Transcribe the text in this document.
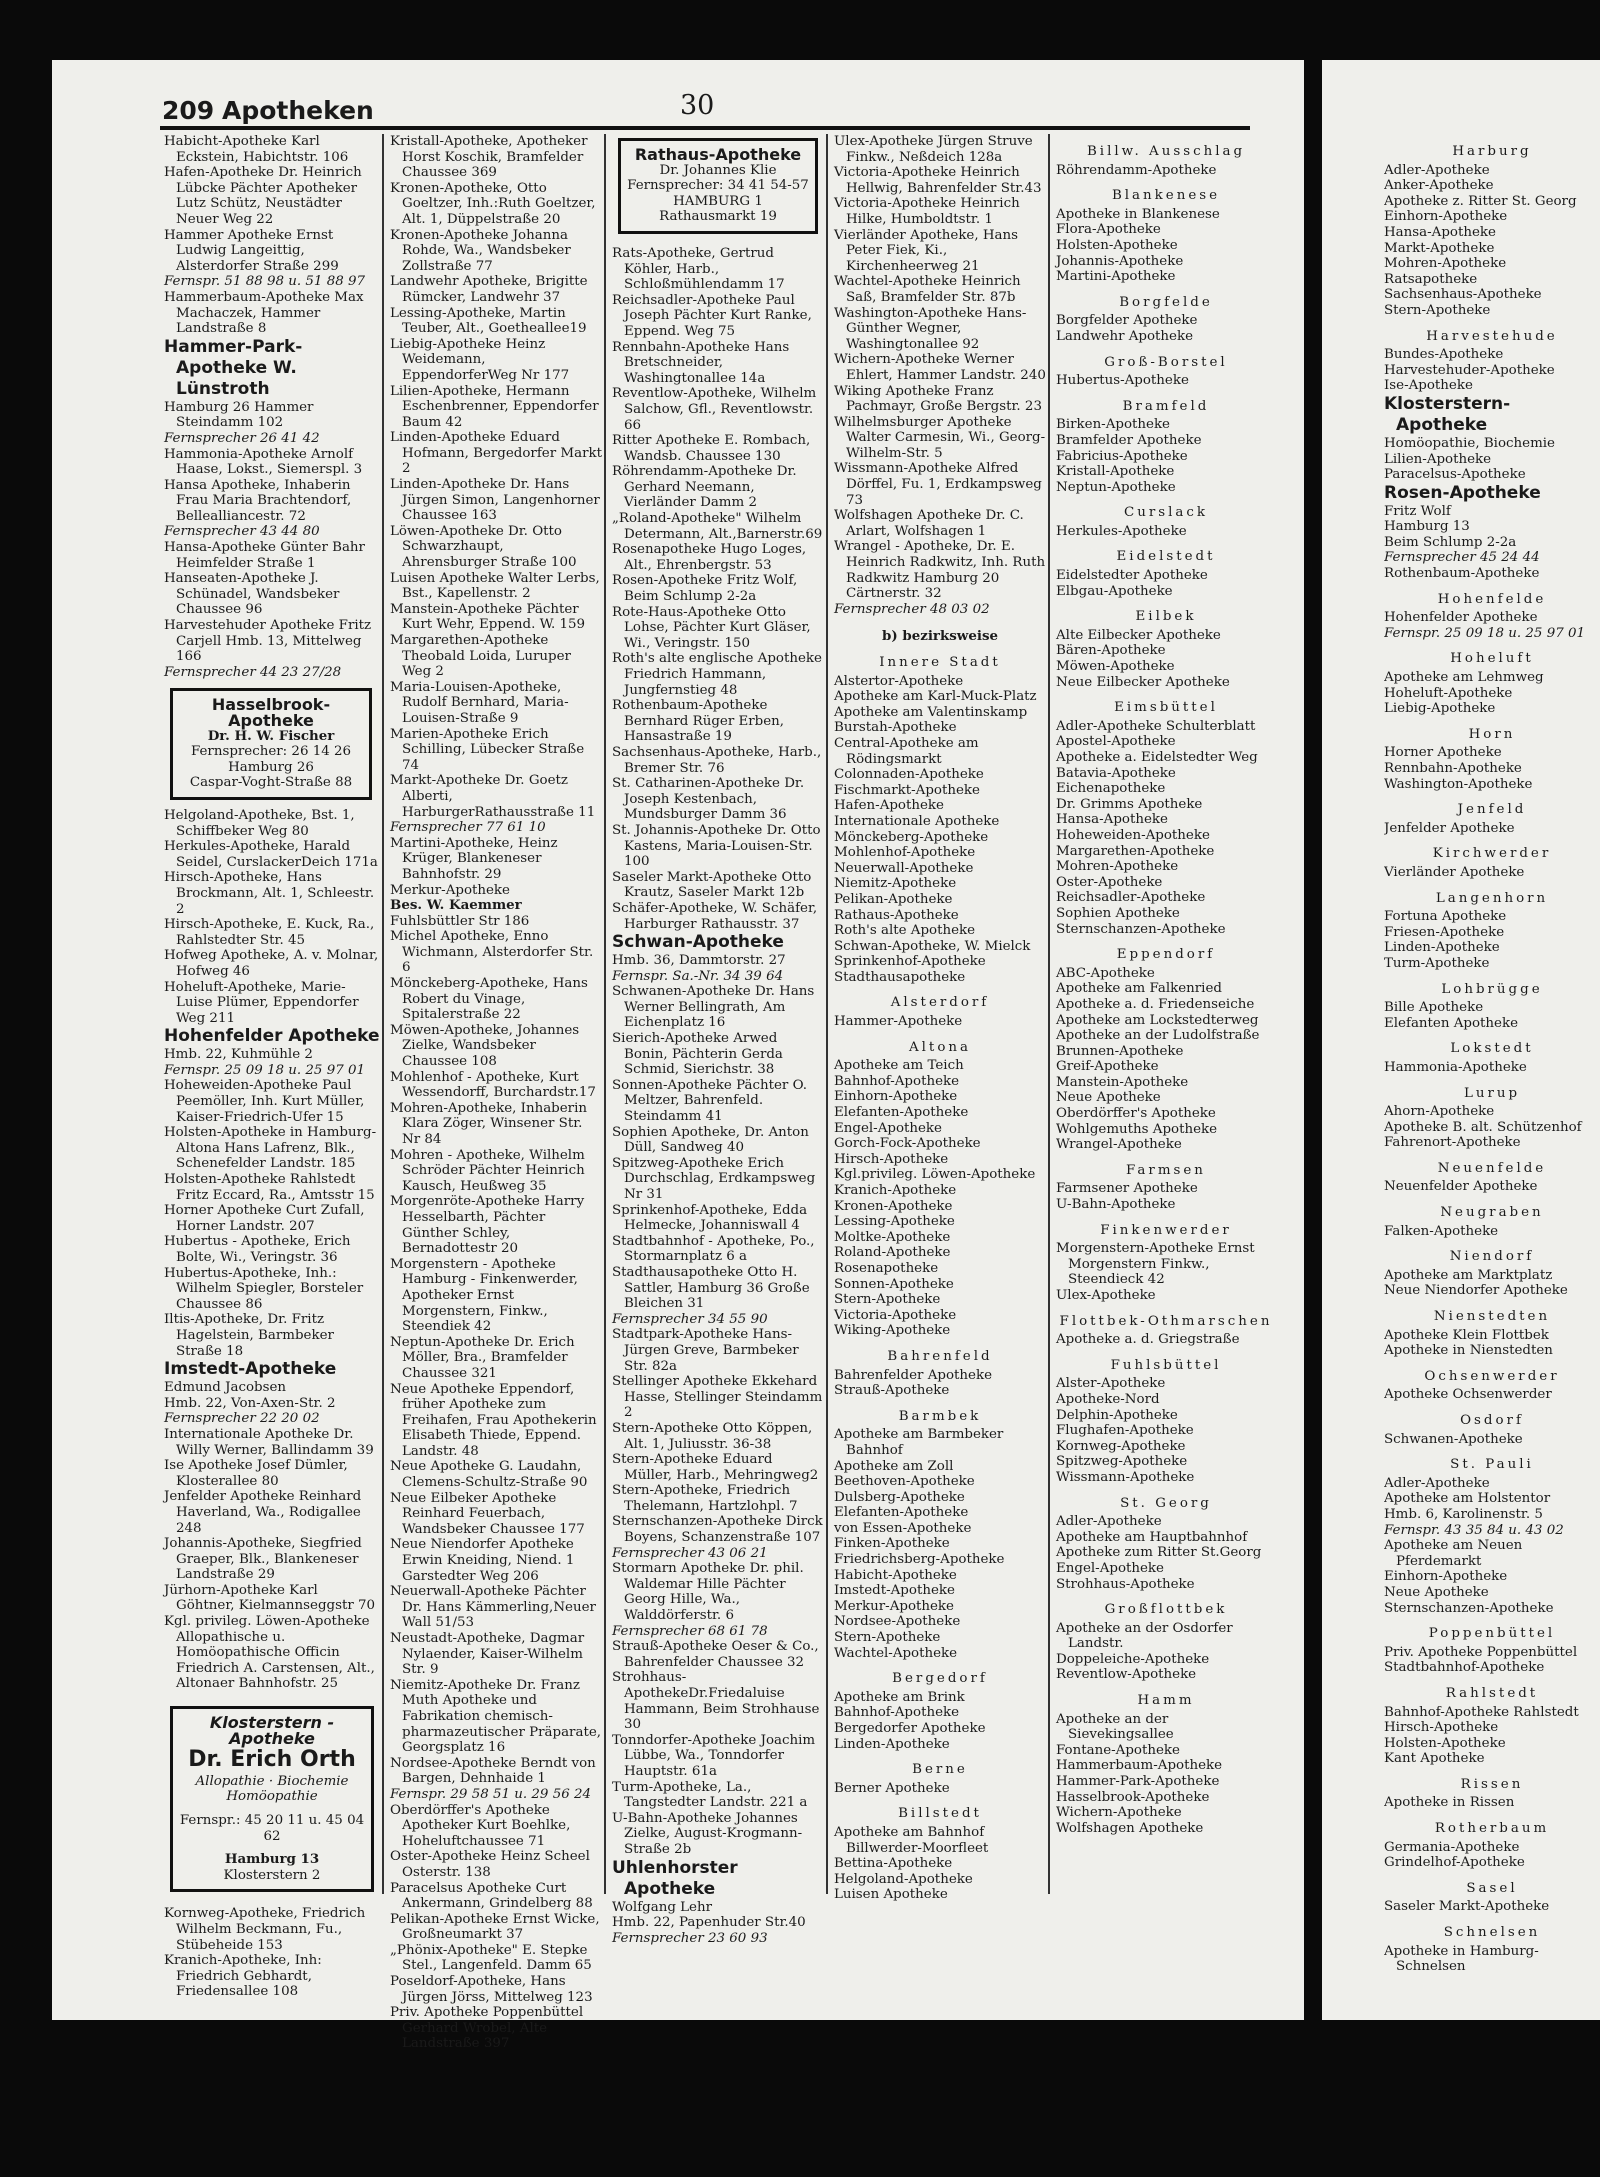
209 Apotheken	30

Habicht-Apotheke Karl Eckstein, Habichtstr. 106

Hafen-Apotheke Dr. Heinrich Lübcke Pächter Apotheker Lutz Schütz, Neustädter Neuer Weg 22

Hammer Apotheke Ernst Ludwig Langeittig, Alsterdorfer Straße 299

Fernspr. 51 88 98 u. 51 88 97

Hammerbaum-Apotheke Max Machaczek, Hammer Landstraße 8

Hammer-Park-Apotheke W. Lünstroth

Hamburg 26 Hammer Steindamm 102

Fernsprecher 26 41 42

Hammonia-Apotheke Arnolf Haase, Lokst., Siemerspl. 3

Hansa Apotheke, Inhaberin Frau Maria Brachtendorf, Bellealliancestr. 72

Fernsprecher 43 44 80

Hansa-Apotheke Günter Bahr Heimfelder Straße 1

Hanseaten-Apotheke J. Schünadel, Wandsbeker Chaussee 96

Harvestehuder Apotheke Fritz Carjell Hmb. 13, Mittelweg 166

Fernsprecher 44 23 27/28

Hasselbrook-Apotheke
Dr. H. W. Fischer
Fernsprecher: 26 14 26
Hamburg 26
Caspar-Voght-Straße 88

Helgoland-Apotheke, Bst. 1, Schiffbeker Weg 80

Herkules-Apotheke, Harald Seidel, CurslackerDeich 171a

Hirsch-Apotheke, Hans Brockmann, Alt. 1, Schleestr. 2

Hirsch-Apotheke, E. Kuck, Ra., Rahlstedter Str. 45

Hofweg Apotheke, A. v. Molnar, Hofweg 46

Hoheluft-Apotheke, Marie-Luise Plümer, Eppendorfer Weg 211

Hohenfelder Apotheke

Hmb. 22, Kuhmühle 2

Fernspr. 25 09 18 u. 25 97 01

Hoheweiden-Apotheke Paul Peemöller, Inh. Kurt Müller, Kaiser-Friedrich-Ufer 15

Holsten-Apotheke in Hamburg-Altona Hans Lafrenz, Blk., Schenefelder Landstr. 185

Holsten-Apotheke Rahlstedt Fritz Eccard, Ra., Amtsstr 15

Horner Apotheke Curt Zufall, Horner Landstr. 207

Hubertus - Apotheke, Erich Bolte, Wi., Veringstr. 36

Hubertus-Apotheke, Inh.: Wilhelm Spiegler, Borsteler Chaussee 86

Iltis-Apotheke, Dr. Fritz Hagelstein, Barmbeker Straße 18

Imstedt-Apotheke

Edmund Jacobsen

Hmb. 22, Von-Axen-Str. 2

Fernsprecher 22 20 02

Internationale Apotheke Dr. Willy Werner, Ballindamm 39

Ise Apotheke Josef Dümler, Klosterallee 80

Jenfelder Apotheke Reinhard Haverland, Wa., Rodigallee 248

Johannis-Apotheke, Siegfried Graeper, Blk., Blankeneser Landstraße 29

Jürhorn-Apotheke Karl Göhtner, Kielmannseggstr 70

Kgl. privileg. Löwen-Apotheke Allopathische u. Homöopathische Officin Friedrich A. Carstensen, Alt., Altonaer Bahnhofstr. 25

Klosterstern - Apotheke
Dr. Erich Orth
Allopathie · Biochemie
Homöopathie
Fernspr.: 45 20 11 u. 45 04 62
Hamburg 13
Klosterstern 2

Kornweg-Apotheke, Friedrich Wilhelm Beckmann, Fu., Stübeheide 153

Kranich-Apotheke, Inh: Friedrich Gebhardt, Friedensallee 108

Kristall-Apotheke, Apotheker Horst Koschik, Bramfelder Chaussee 369

Kronen-Apotheke, Otto Goeltzer, Inh.:Ruth Goeltzer, Alt. 1, Düppelstraße 20

Kronen-Apotheke Johanna Rohde, Wa., Wandsbeker Zollstraße 77

Landwehr Apotheke, Brigitte Rümcker, Landwehr 37

Lessing-Apotheke, Martin Teuber, Alt., Goetheallee19

Liebig-Apotheke Heinz Weidemann, EppendorferWeg Nr 177

Lilien-Apotheke, Hermann Eschenbrenner, Eppendorfer Baum 42

Linden-Apotheke Eduard Hofmann, Bergedorfer Markt 2

Linden-Apotheke Dr. Hans Jürgen Simon, Langenhorner Chaussee 163

Löwen-Apotheke Dr. Otto Schwarzhaupt, Ahrensburger Straße 100

Luisen Apotheke Walter Lerbs, Bst., Kapellenstr. 2

Manstein-Apotheke Pächter Kurt Wehr, Eppend. W. 159

Margarethen-Apotheke Theobald Loida, Luruper Weg 2

Maria-Louisen-Apotheke, Rudolf Bernhard, Maria-Louisen-Straße 9

Marien-Apotheke Erich Schilling, Lübecker Straße 74

Markt-Apotheke Dr. Goetz Alberti, HarburgerRathausstraße 11

Fernsprecher 77 61 10

Martini-Apotheke, Heinz Krüger, Blankeneser Bahnhofstr. 29

Merkur-Apotheke

Bes. W. Kaemmer

Fuhlsbüttler Str 186

Michel Apotheke, Enno Wichmann, Alsterdorfer Str. 6

Mönckeberg-Apotheke, Hans Robert du Vinage, Spitalerstraße 22

Möwen-Apotheke, Johannes Zielke, Wandsbeker Chaussee 108

Mohlenhof - Apotheke, Kurt Wessendorff, Burchardstr.17

Mohren-Apotheke, Inhaberin Klara Zöger, Winsener Str. Nr 84

Mohren - Apotheke, Wilhelm Schröder Pächter Heinrich Kausch, Heußweg 35

Morgenröte-Apotheke Harry Hesselbarth, Pächter Günther Schley, Bernadottestr 20

Morgenstern - Apotheke Hamburg - Finkenwerder, Apotheker Ernst Morgenstern, Finkw., Steendiek 42

Neptun-Apotheke Dr. Erich Möller, Bra., Bramfelder Chaussee 321

Neue Apotheke Eppendorf, früher Apotheke zum Freihafen, Frau Apothekerin Elisabeth Thiede, Eppend. Landstr. 48

Neue Apotheke G. Laudahn, Clemens-Schultz-Straße 90

Neue Eilbeker Apotheke Reinhard Feuerbach, Wandsbeker Chaussee 177

Neue Niendorfer Apotheke Erwin Kneiding, Niend. 1 Garstedter Weg 206

Neuerwall-Apotheke Pächter Dr. Hans Kämmerling,Neuer Wall 51/53

Neustadt-Apotheke, Dagmar Nylaender, Kaiser-Wilhelm Str. 9

Niemitz-Apotheke Dr. Franz Muth Apotheke und Fabrikation chemisch-pharmazeutischer Präparate, Georgsplatz 16

Nordsee-Apotheke Berndt von Bargen, Dehnhaide 1

Fernspr. 29 58 51 u. 29 56 24

Oberdörffer's Apotheke Apotheker Kurt Boehlke, Hoheluftchaussee 71

Oster-Apotheke Heinz Scheel Osterstr. 138

Paracelsus Apotheke Curt Ankermann, Grindelberg 88

Pelikan-Apotheke Ernst Wicke, Großneumarkt 37

„Phönix-Apotheke" E. Stepke Stel., Langenfeld. Damm 65

Poseldorf-Apotheke, Hans Jürgen Jörss, Mittelweg 123

Priv. Apotheke Poppenbüttel Gerhard Wrobel, Alte Landstraße 397

Rathaus-Apotheke
Dr. Johannes Klie
Fernsprecher: 34 41 54-57
HAMBURG 1
Rathausmarkt 19

Rats-Apotheke, Gertrud Köhler, Harb., Schloßmühlendamm 17

Reichsadler-Apotheke Paul Joseph Pächter Kurt Ranke, Eppend. Weg 75

Rennbahn-Apotheke Hans Bretschneider, Washingtonallee 14a

Reventlow-Apotheke, Wilhelm Salchow, Gfl., Reventlowstr. 66

Ritter Apotheke E. Rombach, Wandsb. Chaussee 130

Röhrendamm-Apotheke Dr. Gerhard Neemann, Vierländer Damm 2

„Roland-Apotheke" Wilhelm Determann, Alt.,Barnerstr.69

Rosenapotheke Hugo Loges, Alt., Ehrenbergstr. 53

Rosen-Apotheke Fritz Wolf, Beim Schlump 2-2a

Rote-Haus-Apotheke Otto Lohse, Pächter Kurt Gläser, Wi., Veringstr. 150

Roth's alte englische Apotheke Friedrich Hammann, Jungfernstieg 48

Rothenbaum-Apotheke Bernhard Rüger Erben, Hansastraße 19

Sachsenhaus-Apotheke, Harb., Bremer Str. 76

St. Catharinen-Apotheke Dr. Joseph Kestenbach, Mundsburger Damm 36

St. Johannis-Apotheke Dr. Otto Kastens, Maria-Louisen-Str. 100

Saseler Markt-Apotheke Otto Krautz, Saseler Markt 12b

Schäfer-Apotheke, W. Schäfer, Harburger Rathausstr. 37

Schwan-Apotheke

Hmb. 36, Dammtorstr. 27

Fernspr. Sa.-Nr. 34 39 64

Schwanen-Apotheke Dr. Hans Werner Bellingrath, Am Eichenplatz 16

Sierich-Apotheke Arwed Bonin, Pächterin Gerda Schmid, Sierichstr. 38

Sonnen-Apotheke Pächter O. Meltzer, Bahrenfeld. Steindamm 41

Sophien Apotheke, Dr. Anton Düll, Sandweg 40

Spitzweg-Apotheke Erich Durchschlag, Erdkampsweg Nr 31

Sprinkenhof-Apotheke, Edda Helmecke, Johanniswall 4

Stadtbahnhof - Apotheke, Po., Stormarnplatz 6 a

Stadthausapotheke Otto H. Sattler, Hamburg 36 Große Bleichen 31

Fernsprecher 34 55 90

Stadtpark-Apotheke Hans-Jürgen Greve, Barmbeker Str. 82a

Stellinger Apotheke Ekkehard Hasse, Stellinger Steindamm 2

Stern-Apotheke Otto Köppen, Alt. 1, Juliusstr. 36-38

Stern-Apotheke Eduard Müller, Harb., Mehringweg2

Stern-Apotheke, Friedrich Thelemann, Hartzlohpl. 7

Sternschanzen-Apotheke Dirck Boyens, Schanzenstraße 107

Fernsprecher 43 06 21

Stormarn Apotheke Dr. phil. Waldemar Hille Pächter Georg Hille, Wa., Walddörferstr. 6

Fernsprecher 68 61 78

Strauß-Apotheke Oeser & Co., Bahrenfelder Chaussee 32

Strohhaus-ApothekeDr.Friedaluise Hammann, Beim Strohhause 30

Tonndorfer-Apotheke Joachim Lübbe, Wa., Tonndorfer Hauptstr. 61a

Turm-Apotheke, La., Tangstedter Landstr. 221 a

U-Bahn-Apotheke Johannes Zielke, August-Krogmann-Straße 2b

Uhlenhorster Apotheke

Wolfgang Lehr

Hmb. 22, Papenhuder Str.40

Fernsprecher 23 60 93

Ulex-Apotheke Jürgen Struve Finkw., Neßdeich 128a

Victoria-Apotheke Heinrich Hellwig, Bahrenfelder Str.43

Victoria-Apotheke Heinrich Hilke, Humboldtstr. 1

Vierländer Apotheke, Hans Peter Fiek, Ki., Kirchenheerweg 21

Wachtel-Apotheke Heinrich Saß, Bramfelder Str. 87b

Washington-Apotheke Hans-Günther Wegner, Washingtonallee 92

Wichern-Apotheke Werner Ehlert, Hammer Landstr. 240

Wiking Apotheke Franz Pachmayr, Große Bergstr. 23

Wilhelmsburger Apotheke Walter Carmesin, Wi., Georg-Wilhelm-Str. 5

Wissmann-Apotheke Alfred Dörffel, Fu. 1, Erdkampsweg 73

Wolfshagen Apotheke Dr. C. Arlart, Wolfshagen 1

Wrangel - Apotheke, Dr. E. Heinrich Radkwitz, Inh. Ruth Radkwitz Hamburg 20 Cärtnerstr. 32

Fernsprecher 48 03 02

b) bezirksweise
Innere Stadt

Alstertor-Apotheke

Apotheke am Karl-Muck-Platz

Apotheke am Valentinskamp

Burstah-Apotheke

Central-Apotheke am Rödingsmarkt

Colonnaden-Apotheke

Fischmarkt-Apotheke

Hafen-Apotheke

Internationale Apotheke

Mönckeberg-Apotheke

Mohlenhof-Apotheke

Neuerwall-Apotheke

Niemitz-Apotheke

Pelikan-Apotheke

Rathaus-Apotheke

Roth's alte Apotheke

Schwan-Apotheke, W. Mielck

Sprinkenhof-Apotheke

Stadthausapotheke

Alsterdorf

Hammer-Apotheke

Altona

Apotheke am Teich

Bahnhof-Apotheke

Einhorn-Apotheke

Elefanten-Apotheke

Engel-Apotheke

Gorch-Fock-Apotheke

Hirsch-Apotheke

Kgl.privileg. Löwen-Apotheke

Kranich-Apotheke

Kronen-Apotheke

Lessing-Apotheke

Moltke-Apotheke

Roland-Apotheke

Rosenapotheke

Sonnen-Apotheke

Stern-Apotheke

Victoria-Apotheke

Wiking-Apotheke

Bahrenfeld

Bahrenfelder Apotheke

Strauß-Apotheke

Barmbek

Apotheke am Barmbeker Bahnhof

Apotheke am Zoll

Beethoven-Apotheke

Dulsberg-Apotheke

Elefanten-Apotheke

von Essen-Apotheke

Finken-Apotheke

Friedrichsberg-Apotheke

Habicht-Apotheke

Imstedt-Apotheke

Merkur-Apotheke

Nordsee-Apotheke

Stern-Apotheke

Wachtel-Apotheke

Bergedorf

Apotheke am Brink

Bahnhof-Apotheke

Bergedorfer Apotheke

Linden-Apotheke

Berne

Berner Apotheke

Billstedt

Apotheke am Bahnhof Billwerder-Moorfleet

Bettina-Apotheke

Helgoland-Apotheke

Luisen Apotheke

Billw. Ausschlag

Röhrendamm-Apotheke

Blankenese

Apotheke in Blankenese

Flora-Apotheke

Holsten-Apotheke

Johannis-Apotheke

Martini-Apotheke

Borgfelde

Borgfelder Apotheke

Landwehr Apotheke

Groß-Borstel

Hubertus-Apotheke

Bramfeld

Birken-Apotheke

Bramfelder Apotheke

Fabricius-Apotheke

Kristall-Apotheke

Neptun-Apotheke

Curslack

Herkules-Apotheke

Eidelstedt

Eidelstedter Apotheke

Elbgau-Apotheke

Eilbek

Alte Eilbecker Apotheke

Bären-Apotheke

Möwen-Apotheke

Neue Eilbecker Apotheke

Eimsbüttel

Adler-Apotheke Schulterblatt

Apostel-Apotheke

Apotheke a. Eidelstedter Weg

Batavia-Apotheke

Eichenapotheke

Dr. Grimms Apotheke

Hansa-Apotheke

Hoheweiden-Apotheke

Margarethen-Apotheke

Mohren-Apotheke

Oster-Apotheke

Reichsadler-Apotheke

Sophien Apotheke

Sternschanzen-Apotheke

Eppendorf

ABC-Apotheke

Apotheke am Falkenried

Apotheke a. d. Friedenseiche

Apotheke am Lockstedterweg

Apotheke an der Ludolfstraße

Brunnen-Apotheke

Greif-Apotheke

Manstein-Apotheke

Neue Apotheke

Oberdörffer's Apotheke

Wohlgemuths Apotheke

Wrangel-Apotheke

Farmsen

Farmsener Apotheke

U-Bahn-Apotheke

Finkenwerder

Morgenstern-Apotheke Ernst Morgenstern Finkw., Steendieck 42

Ulex-Apotheke

Flottbek-Othmarschen

Apotheke a. d. Griegstraße

Fuhlsbüttel

Alster-Apotheke

Apotheke-Nord

Delphin-Apotheke

Flughafen-Apotheke

Kornweg-Apotheke

Spitzweg-Apotheke

Wissmann-Apotheke

St. Georg

Adler-Apotheke

Apotheke am Hauptbahnhof

Apotheke zum Ritter St.Georg

Engel-Apotheke

Strohhaus-Apotheke

Großflottbek

Apotheke an der Osdorfer Landstr.

Doppeleiche-Apotheke

Reventlow-Apotheke

Hamm

Apotheke an der Sievekingsallee

Fontane-Apotheke

Hammerbaum-Apotheke

Hammer-Park-Apotheke

Hasselbrook-Apotheke

Wichern-Apotheke

Wolfshagen Apotheke

Harburg

Adler-Apotheke

Anker-Apotheke

Apotheke z. Ritter St. Georg

Einhorn-Apotheke

Hansa-Apotheke

Markt-Apotheke

Mohren-Apotheke

Ratsapotheke

Sachsenhaus-Apotheke

Stern-Apotheke

Harvestehude

Bundes-Apotheke

Harvestehuder-Apotheke

Ise-Apotheke

Klosterstern-Apotheke

Homöopathie, Biochemie

Lilien-Apotheke

Paracelsus-Apotheke

Rosen-Apotheke

Fritz Wolf

Hamburg 13

Beim Schlump 2-2a

Fernsprecher 45 24 44

Rothenbaum-Apotheke

Hohenfelde

Hohenfelder Apotheke

Fernspr. 25 09 18 u. 25 97 01

Hoheluft

Apotheke am Lehmweg

Hoheluft-Apotheke

Liebig-Apotheke

Horn

Horner Apotheke

Rennbahn-Apotheke

Washington-Apotheke

Jenfeld

Jenfelder Apotheke

Kirchwerder

Vierländer Apotheke

Langenhorn

Fortuna Apotheke

Friesen-Apotheke

Linden-Apotheke

Turm-Apotheke

Lohbrügge

Bille Apotheke

Elefanten Apotheke

Lokstedt

Hammonia-Apotheke

Lurup

Ahorn-Apotheke

Apotheke B. alt. Schützenhof

Fahrenort-Apotheke

Neuenfelde

Neuenfelder Apotheke

Neugraben

Falken-Apotheke

Niendorf

Apotheke am Marktplatz

Neue Niendorfer Apotheke

Nienstedten

Apotheke Klein Flottbek

Apotheke in Nienstedten

Ochsenwerder

Apotheke Ochsenwerder

Osdorf

Schwanen-Apotheke

St. Pauli

Adler-Apotheke

Apotheke am Holstentor

Hmb. 6, Karolinenstr. 5

Fernspr. 43 35 84 u. 43 02

Apotheke am Neuen Pferdemarkt

Einhorn-Apotheke

Neue Apotheke

Sternschanzen-Apotheke

Poppenbüttel

Priv. Apotheke Poppenbüttel

Stadtbahnhof-Apotheke

Rahlstedt

Bahnhof-Apotheke Rahlstedt

Hirsch-Apotheke

Holsten-Apotheke

Kant Apotheke

Rissen

Apotheke in Rissen

Rotherbaum

Germania-Apotheke

Grindelhof-Apotheke

Sasel

Saseler Markt-Apotheke

Schnelsen

Apotheke in Hamburg-Schnelsen
